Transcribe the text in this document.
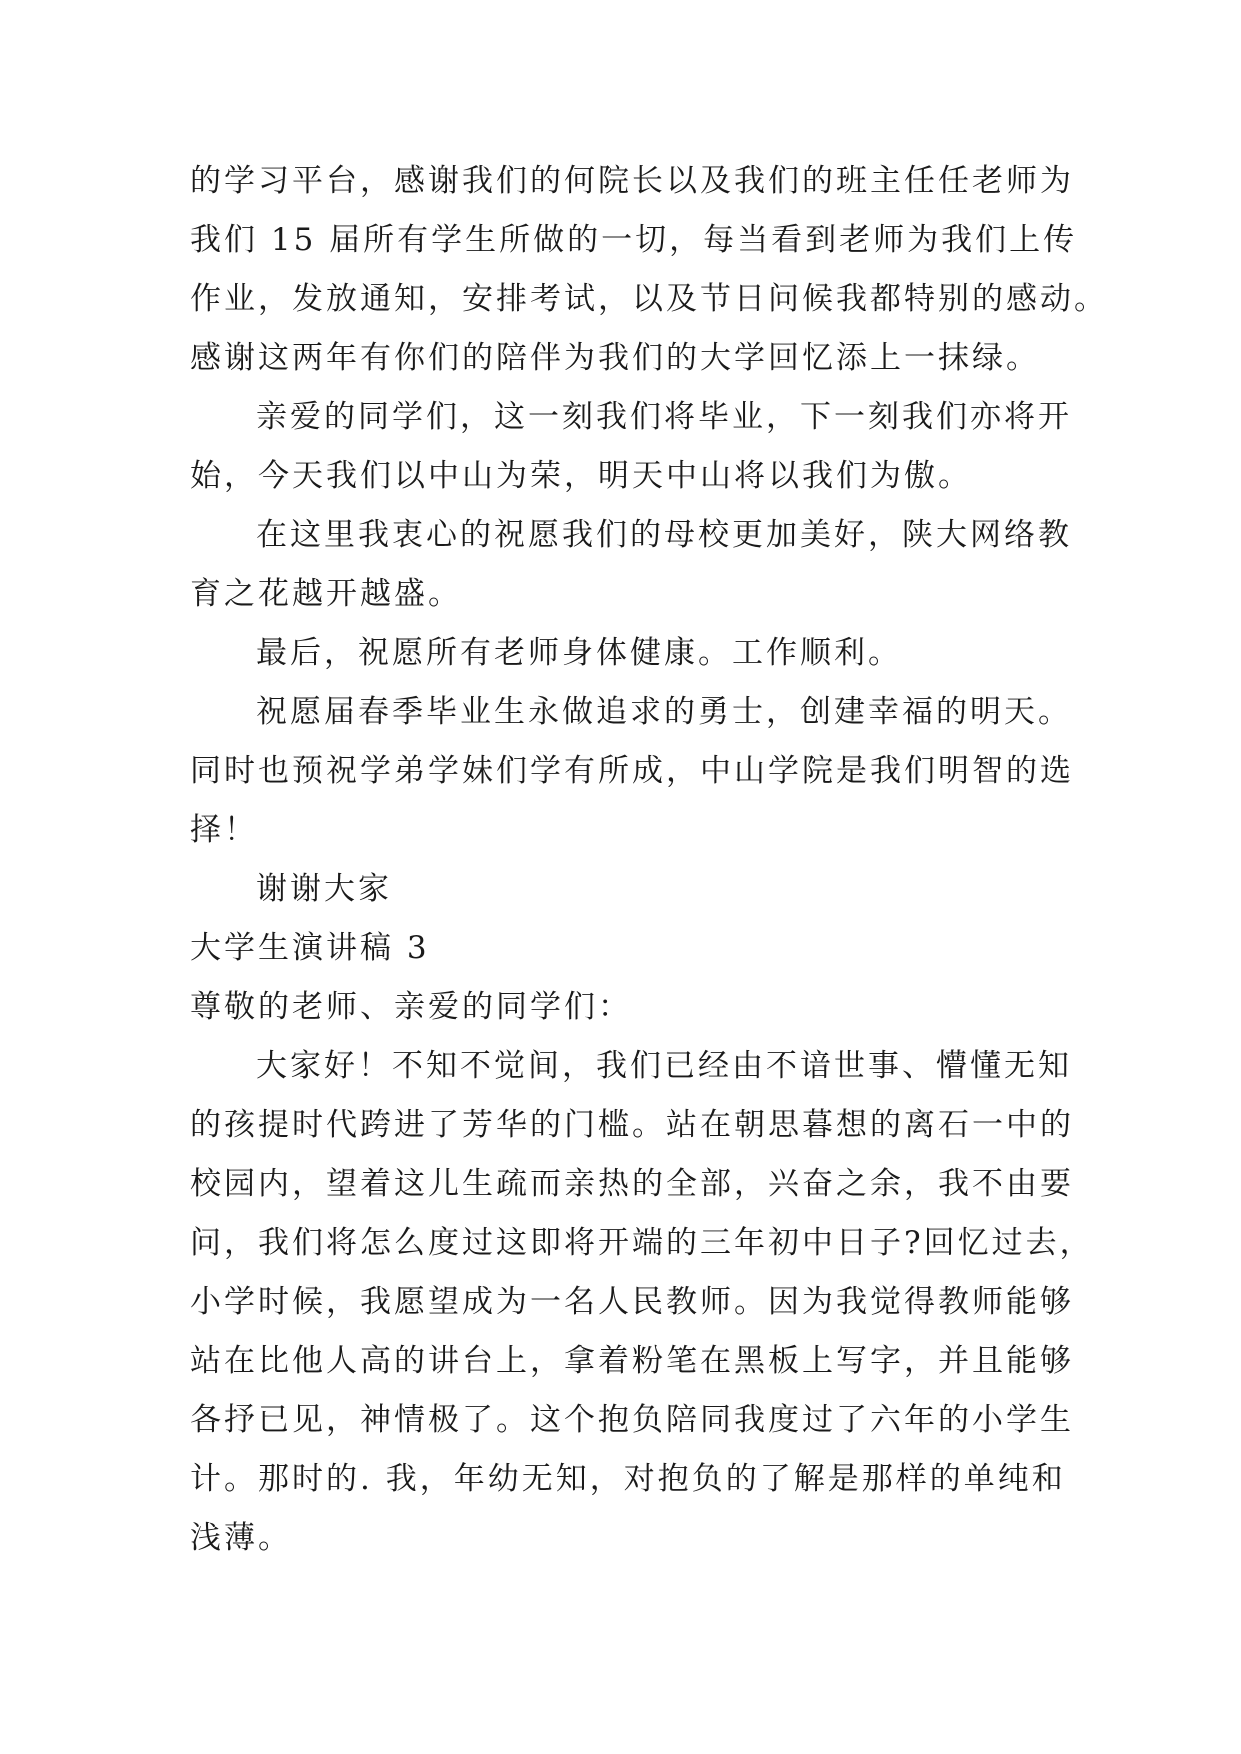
的学习平台，感谢我们的何院长以及我们的班主任任老师为
我们 15 届所有学生所做的一切，每当看到老师为我们上传
作业，发放通知，安排考试，以及节日问候我都特别的感动。
感谢这两年有你们的陪伴为我们的大学回忆添上一抹绿。
亲爱的同学们，这一刻我们将毕业，下一刻我们亦将开
始，今天我们以中山为荣，明天中山将以我们为傲。
在这里我衷心的祝愿我们的母校更加美好，陕大网络教
育之花越开越盛。
最后，祝愿所有老师身体健康。工作顺利。
祝愿届春季毕业生永做追求的勇士，创建幸福的明天。
同时也预祝学弟学妹们学有所成，中山学院是我们明智的选
择！
谢谢大家
大学生演讲稿 3
尊敬的老师、亲爱的同学们：
大家好！不知不觉间，我们已经由不谙世事、懵懂无知
的孩提时代跨进了芳华的门槛。站在朝思暮想的离石一中的
校园内，望着这儿生疏而亲热的全部，兴奋之余，我不由要
问，我们将怎么度过这即将开端的三年初中日子?回忆过去，
小学时候，我愿望成为一名人民教师。因为我觉得教师能够
站在比他人高的讲台上，拿着粉笔在黑板上写字，并且能够
各抒已见，神情极了。这个抱负陪同我度过了六年的小学生
计。那时的. 我，年幼无知，对抱负的了解是那样的单纯和
浅薄。
